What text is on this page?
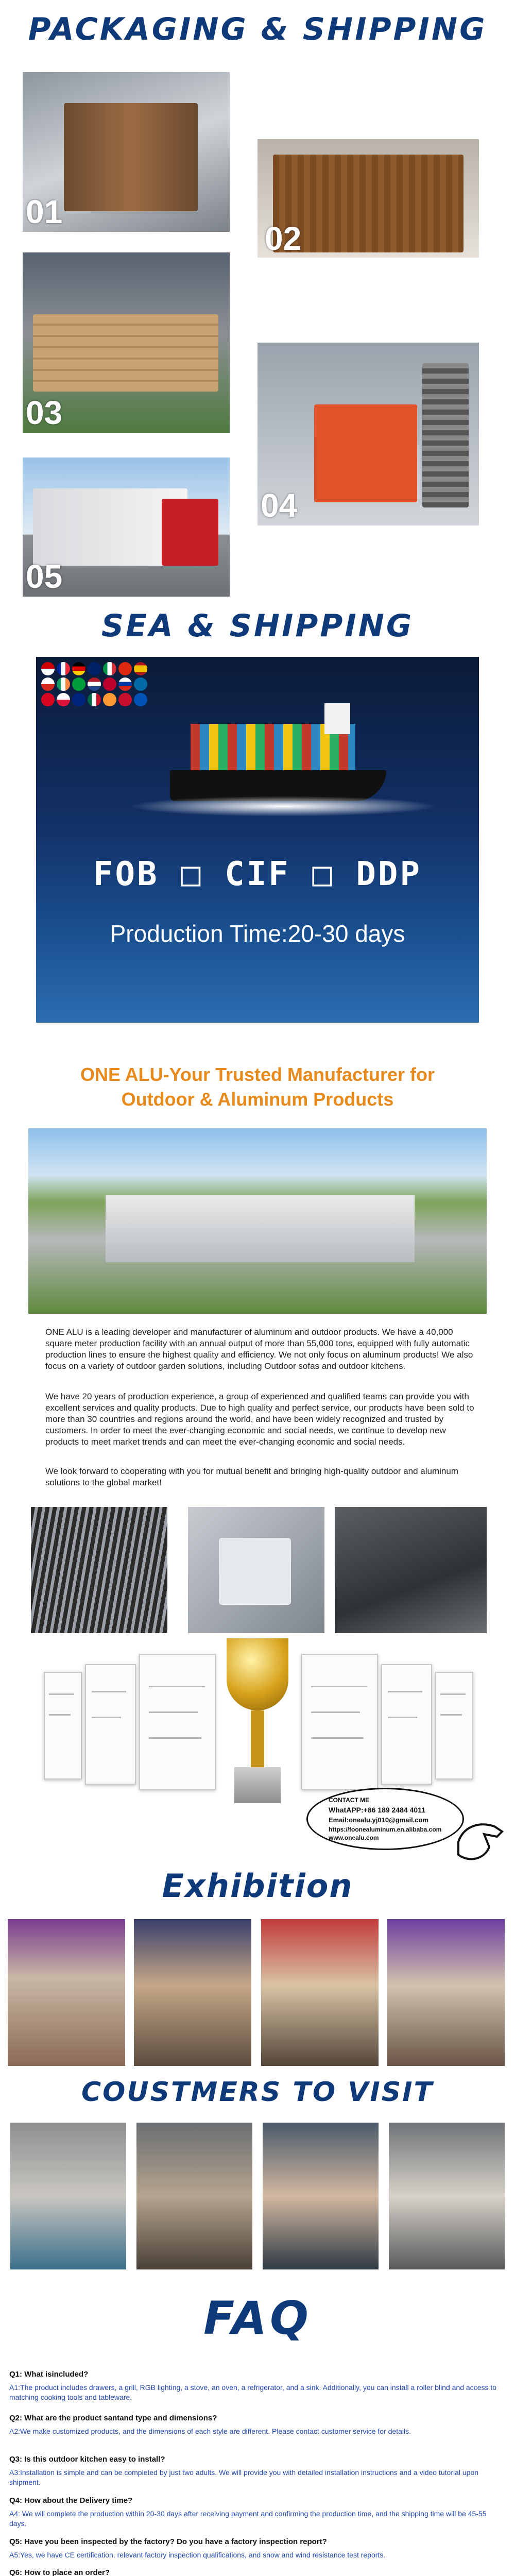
PACKAGING & SHIPPING
01
02
03
04
05
SEA & SHIPPING
FOB □ CIF □ DDP
Production Time:20-30 days
ONE ALU-Your Trusted Manufacturer for
Outdoor & Aluminum Products
ONE ALU is a leading developer and manufacturer of aluminum and outdoor products. We have a 40,000 square meter production facility with an annual output of more than 55,000 tons, equipped with fully automatic production lines to ensure the highest quality and efficiency. We not only focus on aluminum products! We also focus on a variety of outdoor garden solutions, including Outdoor sofas and outdoor kitchens.
We have 20 years of production experience, a group of experienced and qualified teams can provide you with excellent services and quality products. Due to high quality and perfect service, our products have been sold to more than 30 countries and regions around the world, and have been widely recognized and trusted by customers. In order to meet the ever-changing economic and social needs, we continue to develop new products to meet market trends and can meet the ever-changing economic and social needs.
We look forward to cooperating with you for mutual benefit and bringing high-quality outdoor and aluminum solutions to the global market!
CONTACT ME
WhatAPP:+86 189 2484 4011
Email:onealu.yj010@gmail.com
https://foonealuminum.en.alibaba.com
www.onealu.com
Exhibition
COUSTMERS TO VISIT
FAQ
Q1: What isincluded?
A1:The product includes drawers, a grill, RGB lighting, a stove, an oven, a refrigerator, and a sink. Additionally, you can install a roller blind and access to matching cooking tools and tableware.
Q2: What are the product santand type and dimensions?
A2:We make customized products, and the dimensions of each style are different. Please contact customer service for details.
Q3: Is this outdoor kitchen easy to install?
A3:Installation is simple and can be completed by just two adults. We will provide you with detailed installation instructions and a video tutorial upon shipment.
Q4: How about the Delivery time?
A4: We will complete the production within 20-30 days after receiving payment and confirming the production time, and the shipping time will be 45-55 days.
Q5: Have you been inspected by the factory? Do you have a factory inspection report?
A5:Yes, we have CE certification, relevant factory inspection qualifications, and snow and wind resistance test reports.
Q6: How to place an order?
